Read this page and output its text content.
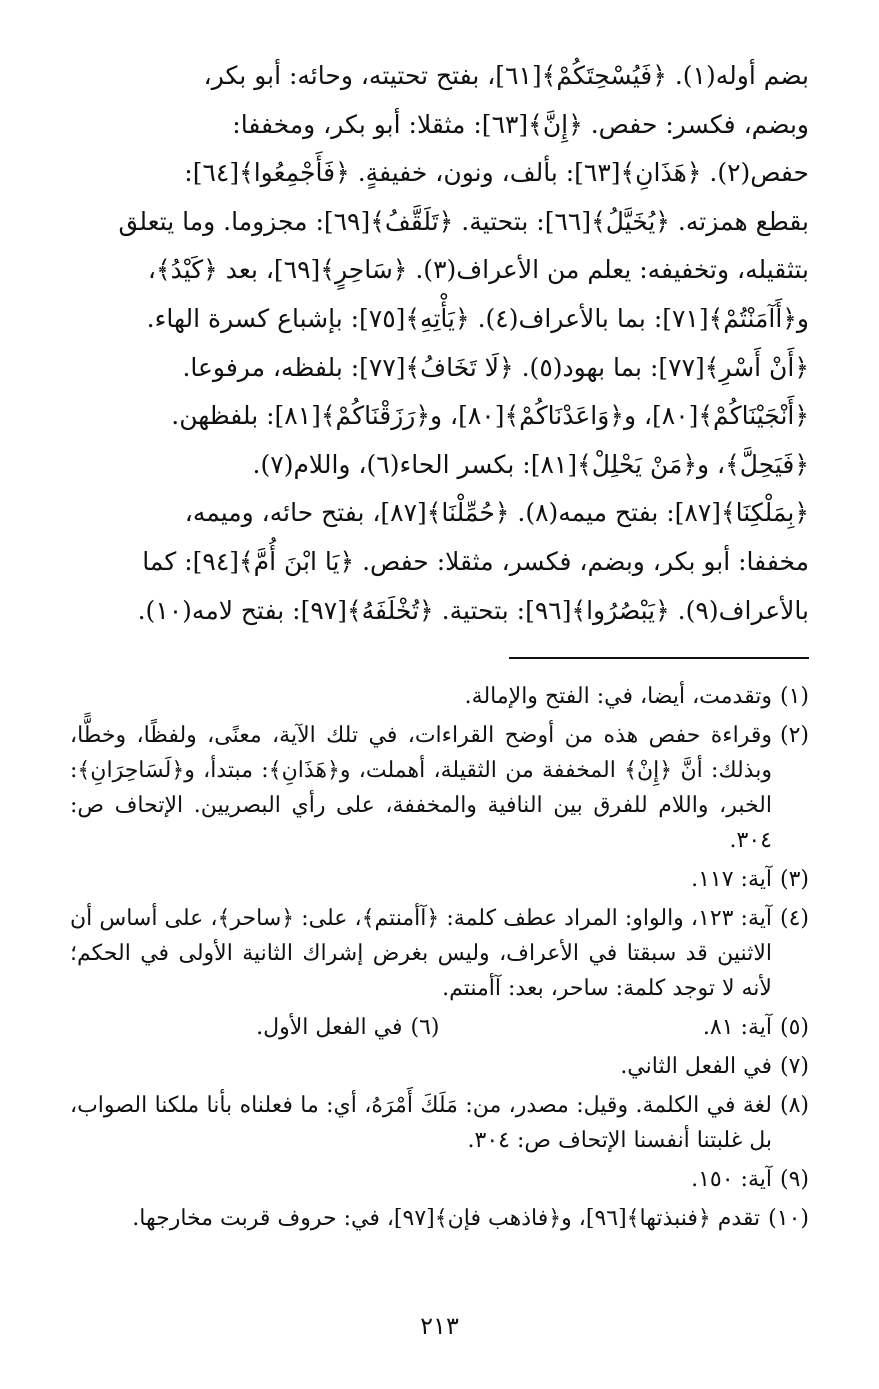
بضم أوله(١). ﴿فَيُسْحِتَكُمْ﴾[٦١]، بفتح تحتيته، وحائه: أبو بكر،

وبضم، فكسر: حفص. ﴿إِنَّ﴾[٦٣]: مثقلا: أبو بكر، ومخففا:

حفص(٢). ﴿هَذَانِ﴾[٦٣]: بألف، ونون، خفيفةٍ. ﴿فَأَجْمِعُوا﴾[٦٤]:

بقطع همزته. ﴿يُخَيَّلُ﴾[٦٦]: بتحتية. ﴿تَلَقَّفُ﴾[٦٩]: مجزوما. وما يتعلق

بتثقيله، وتخفيفه: يعلم من الأعراف(٣). ﴿سَاحِرٍ﴾[٦٩]، بعد ﴿كَيْدُ﴾،

و﴿أَآمَنْتُمْ﴾[٧١]: بما بالأعراف(٤). ﴿يَأْتِهِ﴾[٧٥]: بإشباع كسرة الهاء.

﴿أَنْ أَسْرِ﴾[٧٧]: بما بهود(٥). ﴿لَا تَخَافُ﴾[٧٧]: بلفظه، مرفوعا.

﴿أَنْجَيْنَاكُمْ﴾[٨٠]، و﴿وَاعَدْنَاكُمْ﴾[٨٠]، و﴿رَزَقْنَاكُمْ﴾[٨١]: بلفظهن.

﴿فَيَحِلَّ﴾، و﴿مَنْ يَحْلِلْ﴾[٨١]: بكسر الحاء(٦)، واللام(٧).

﴿بِمَلْكِنَا﴾[٨٧]: بفتح ميمه(٨). ﴿حُمِّلْنَا﴾[٨٧]، بفتح حائه، وميمه،

مخففا: أبو بكر، وبضم، فكسر، مثقلا: حفص. ﴿يَا ابْنَ أُمَّ﴾[٩٤]: كما

بالأعراف(٩). ﴿يَبْصُرُوا﴾[٩٦]: بتحتية. ﴿تُخْلَفَهُ﴾[٩٧]: بفتح لامه(١٠).

(١)
وتقدمت، أيضا، في: الفتح والإمالة.
(٢)
وقراءة حفص هذه من أوضح القراءات، في تلك الآية، معنًى، ولفظًا، وخطًّا، وبذلك: أنَّ ﴿إِنْ﴾ المخففة من الثقيلة، أهملت، و﴿هَذَانِ﴾: مبتدأ، و﴿لَسَاحِرَانِ﴾: الخبر، واللام للفرق بين النافية والمخففة، على رأي البصريين. الإتحاف ص: ٣٠٤.
(٣)
آية: ١١٧.
(٤)
آية: ١٢٣، والواو: المراد عطف كلمة: ﴿آأمنتم﴾، على: ﴿ساحر﴾، على أساس أن الاثنين قد سبقتا في الأعراف، وليس بغرض إشراك الثانية الأولى في الحكم؛ لأنه لا توجد كلمة: ساحر، بعد: آأمنتم.
(٥)
آية: ٨١.
(٦)
في الفعل الأول.
(٧)
في الفعل الثاني.
(٨)
لغة في الكلمة. وقيل: مصدر، من: مَلَكَ أَمْرَهُ، أي: ما فعلناه بأنا ملكنا الصواب، بل غلبتنا أنفسنا الإتحاف ص: ٣٠٤.
(٩)
آية: ١٥٠.
(١٠)
تقدم ﴿فنبذتها﴾[٩٦]، و﴿فاذهب فإن﴾[٩٧]، في: حروف قربت مخارجها.
٢١٣
